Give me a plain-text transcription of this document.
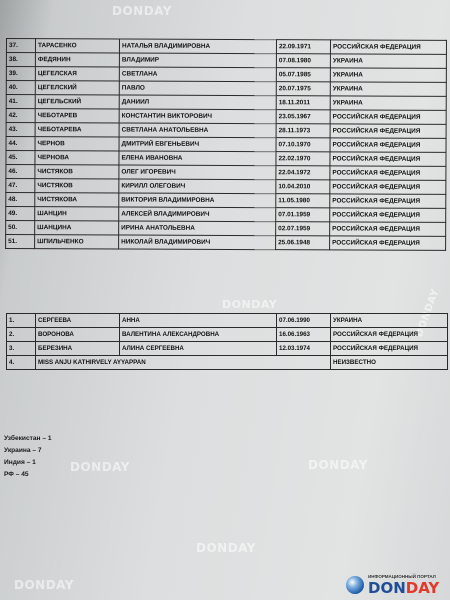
DONDAY
DONDAY
DONDAY	DONDAY
DONDAY
DONDAY
DONDAY
37.	ТАРАСЕНКО	НАТАЛЬЯ ВЛАДИМИРОВНА	22.09.1971	РОССИЙСКАЯ ФЕДЕРАЦИЯ
38.	ФЕДЯНИН	ВЛАДИМИР	07.08.1980	УКРАИНА
39.	ЦЕГЕЛСКАЯ	СВЕТЛАНА	05.07.1985	УКРАИНА
40.	ЦЕГЕЛСКИЙ	ПАВЛО	20.07.1975	УКРАИНА
41.	ЦЕГЕЛЬСКИЙ	ДАНИИЛ	18.11.2011	УКРАИНА
42.	ЧЕБОТАРЕВ	КОНСТАНТИН ВИКТОРОВИЧ	23.05.1967	РОССИЙСКАЯ ФЕДЕРАЦИЯ
43.	ЧЕБОТАРЕВА	СВЕТЛАНА АНАТОЛЬЕВНА	28.11.1973	РОССИЙСКАЯ ФЕДЕРАЦИЯ
44.	ЧЕРНОВ	ДМИТРИЙ ЕВГЕНЬЕВИЧ	07.10.1970	РОССИЙСКАЯ ФЕДЕРАЦИЯ
45.	ЧЕРНОВА	ЕЛЕНА ИВАНОВНА	22.02.1970	РОССИЙСКАЯ ФЕДЕРАЦИЯ
46.	ЧИСТЯКОВ	ОЛЕГ ИГОРЕВИЧ	22.04.1972	РОССИЙСКАЯ ФЕДЕРАЦИЯ
47.	ЧИСТЯКОВ	КИРИЛЛ ОЛЕГОВИЧ	10.04.2010	РОССИЙСКАЯ ФЕДЕРАЦИЯ
48.	ЧИСТЯКОВА	ВИКТОРИЯ ВЛАДИМИРОВНА	11.05.1980	РОССИЙСКАЯ ФЕДЕРАЦИЯ
49.	ШАНЦИН	АЛЕКСЕЙ ВЛАДИМИРОВИЧ	07.01.1959	РОССИЙСКАЯ ФЕДЕРАЦИЯ
50.	ШАНЦИНА	ИРИНА АНАТОЛЬЕВНА	02.07.1959	РОССИЙСКАЯ ФЕДЕРАЦИЯ
51.	ШПИЛЬЧЕНКО	НИКОЛАЙ ВЛАДИМИРОВИЧ	25.06.1948	РОССИЙСКАЯ ФЕДЕРАЦИЯ
1.	СЕРГЕЕВА	АННА	07.06.1990	УКРАИНА
2.	ВОРОНОВА	ВАЛЕНТИНА АЛЕКСАНДРОВНА	16.06.1963	РОССИЙСКАЯ ФЕДЕРАЦИЯ
3.	БЕРЕЗИНА	АЛИНА СЕРГЕЕВНА	12.03.1974	РОССИЙСКАЯ ФЕДЕРАЦИЯ
4.	MISS ANJU KATHIRVELY AYYAPPAN			НЕИЗВЕСТНО
Узбекистан – 1
Украина – 7
Индия – 1
РФ – 45
ИНФОРМАЦИОННЫЙ ПОРТАЛ
DONDAY
